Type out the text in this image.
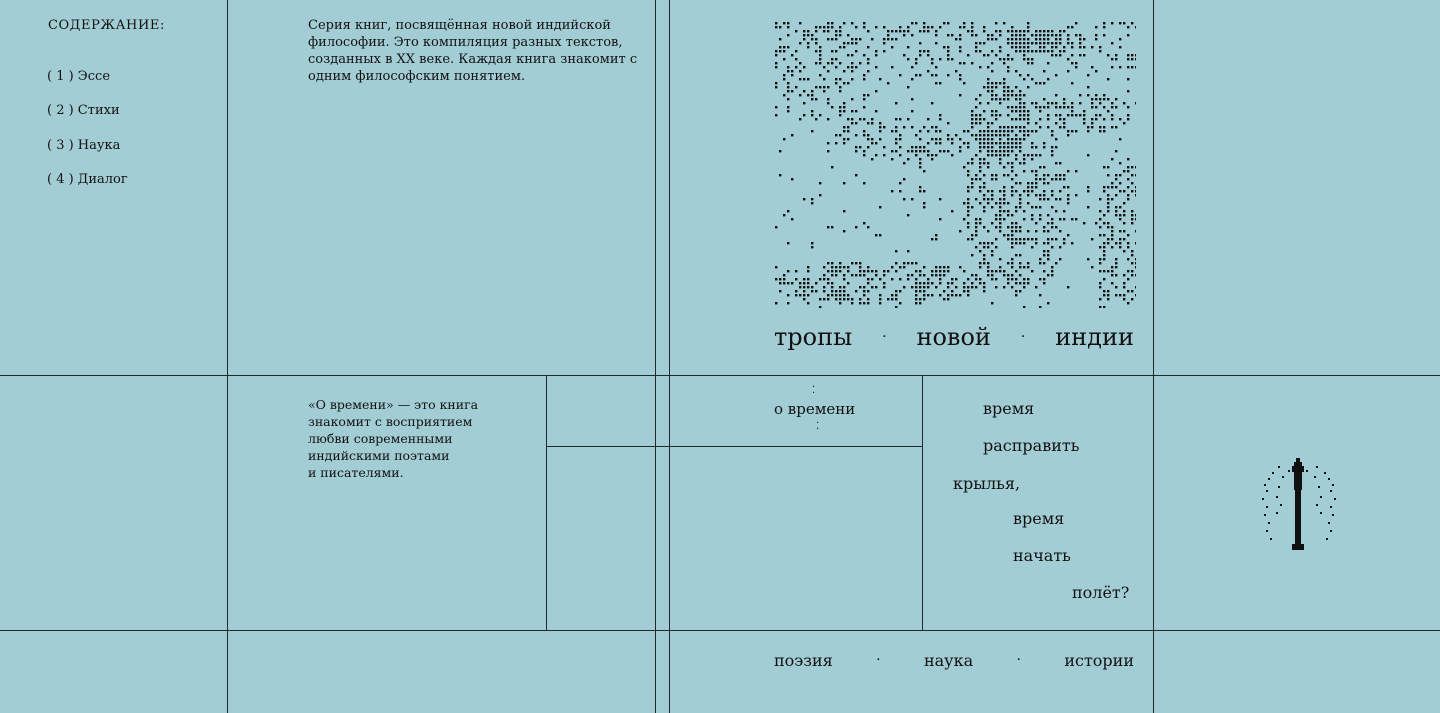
СОДЕРЖАНИЕ:
( 1 ) Эссе
( 2 ) Стихи
( 3 ) Наука
( 4 ) Диалог

Серия книг, посвящённая новой индийской философии. Это компиляция разных текстов, созданных в XX веке. Каждая книга знакомит с одним философским понятием.

«О времени» — это книга
знакомит с восприятием
любви современными
индийскими поэтами
и писателями.
тропы · новой · индии
⁚
о времени
⁚
время
расправить
крылья,
время
начать
полёт?
поэзия	·	наука	·	истории
